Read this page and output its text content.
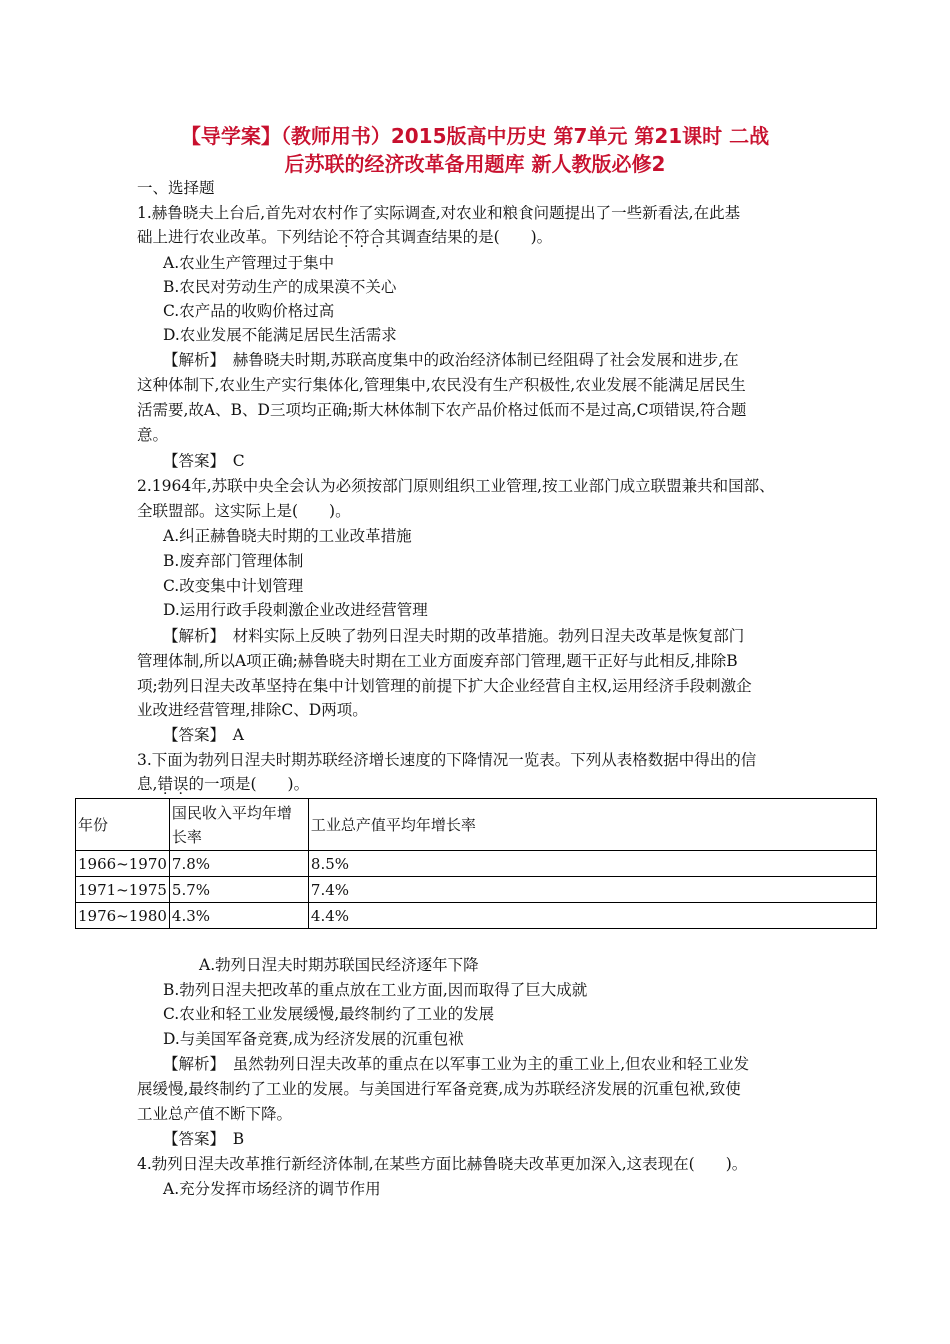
【导学案】（教师用书）2015版高中历史 第7单元 第21课时 二战
后苏联的经济改革备用题库 新人教版必修2
一、选择题
1.赫鲁晓夫上台后,首先对农村作了实际调查,对农业和粮食问题提出了一些新看法,在此基
础上进行农业改革。下列结论不符合其调查结果的是(　　)。
A.农业生产管理过于集中
B.农民对劳动生产的成果漠不关心
C.农产品的收购价格过高
D.农业发展不能满足居民生活需求
【解析】　赫鲁晓夫时期,苏联高度集中的政治经济体制已经阻碍了社会发展和进步,在
这种体制下,农业生产实行集体化,管理集中,农民没有生产积极性,农业发展不能满足居民生
活需要,故A、B、D三项均正确;斯大林体制下农产品价格过低而不是过高,C项错误,符合题
意。
【答案】　C
2.1964年,苏联中央全会认为必须按部门原则组织工业管理,按工业部门成立联盟兼共和国部、
全联盟部。这实际上是(　　)。
A.纠正赫鲁晓夫时期的工业改革措施
B.废弃部门管理体制
C.改变集中计划管理
D.运用行政手段刺激企业改进经营管理
【解析】　材料实际上反映了勃列日涅夫时期的改革措施。勃列日涅夫改革是恢复部门
管理体制,所以A项正确;赫鲁晓夫时期在工业方面废弃部门管理,题干正好与此相反,排除B
项;勃列日涅夫改革坚持在集中计划管理的前提下扩大企业经营自主权,运用经济手段刺激企
业改进经营管理,排除C、D两项。
【答案】　A
3.下面为勃列日涅夫时期苏联经济增长速度的下降情况一览表。下列从表格数据中得出的信
息,错误的一项是(　　)。
年份	国民收入平均年增长率	工业总产值平均年增长率
1966~1970	7.8%	8.5%
1971~1975	5.7%	7.4%
1976~1980	4.3%	4.4%
A.勃列日涅夫时期苏联国民经济逐年下降
B.勃列日涅夫把改革的重点放在工业方面,因而取得了巨大成就
C.农业和轻工业发展缓慢,最终制约了工业的发展
D.与美国军备竞赛,成为经济发展的沉重包袱
【解析】　虽然勃列日涅夫改革的重点在以军事工业为主的重工业上,但农业和轻工业发
展缓慢,最终制约了工业的发展。与美国进行军备竞赛,成为苏联经济发展的沉重包袱,致使
工业总产值不断下降。
【答案】　B
4.勃列日涅夫改革推行新经济体制,在某些方面比赫鲁晓夫改革更加深入,这表现在(　　)。
A.充分发挥市场经济的调节作用
